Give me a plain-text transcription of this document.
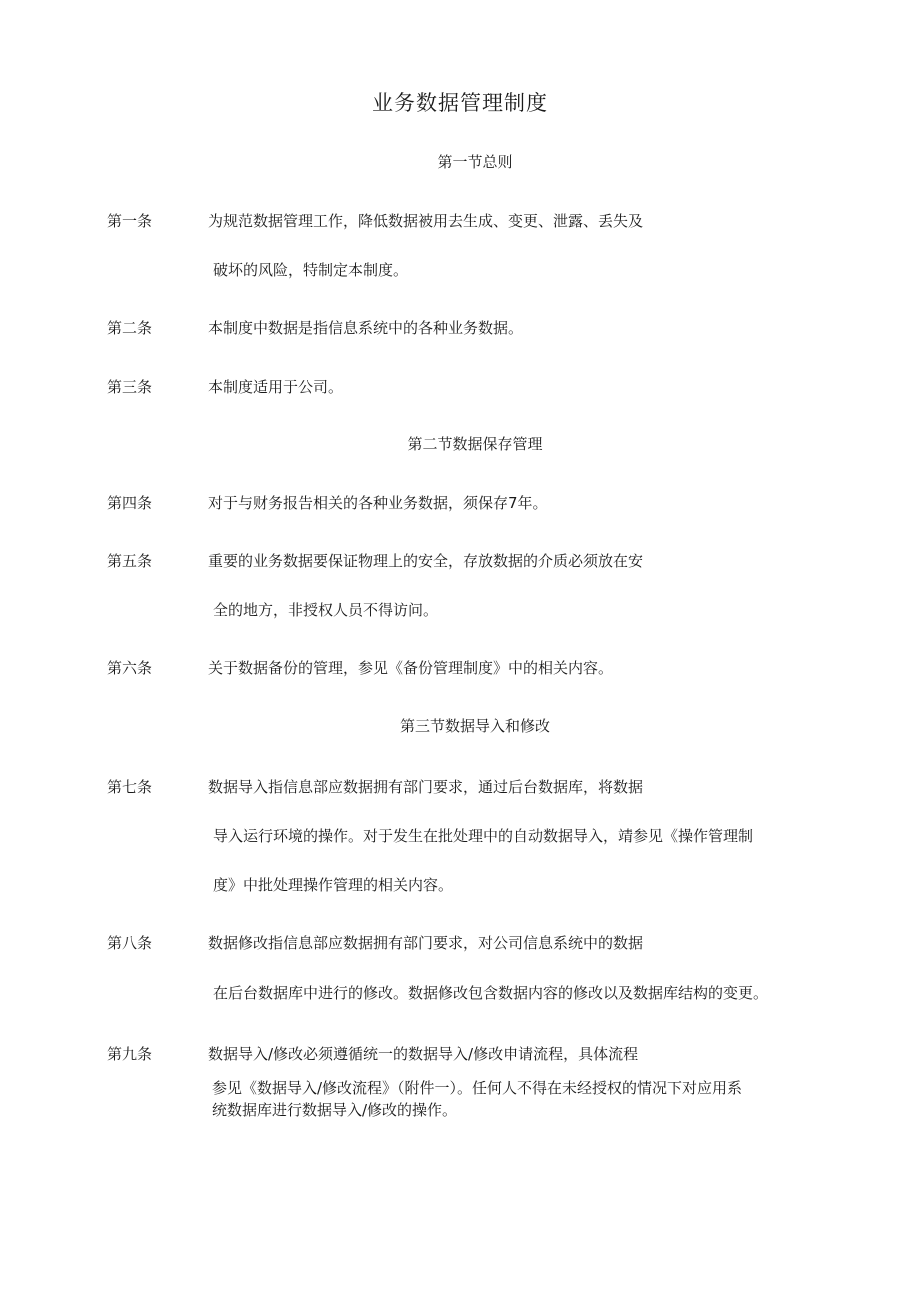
业务数据管理制度
第一节总则
第一条	为规范数据管理工作，降低数据被用去生成、变更、泄露、丢失及
破坏的风险，特制定本制度。
第二条	本制度中数据是指信息系统中的各种业务数据。
第三条	本制度适用于公司。
第二节数据保存管理
第四条	对于与财务报告相关的各种业务数据，须保存7年。
第五条	重要的业务数据要保证物理上的安全，存放数据的介质必须放在安
全的地方，非授权人员不得访问。
第六条	关于数据备份的管理，参见《备份管理制度》中的相关内容。
第三节数据导入和修改
第七条	数据导入指信息部应数据拥有部门要求，通过后台数据库，将数据
导入运行环境的操作。对于发生在批处理中的自动数据导入，靖参见《操作管理制
度》中批处理操作管理的相关内容。
第八条	数据修改指信息部应数据拥有部门要求，对公司信息系统中的数据
在后台数据库中进行的修改。数据修改包含数据内容的修改以及数据库结构的变更。
第九条	数据导入/修改必须遵循统一的数据导入/修改申请流程，具体流程
参见《数据导入/修改流程》（附件一）。任何人不得在未经授权的情况下对应用系
统数据库进行数据导入/修改的操作。
